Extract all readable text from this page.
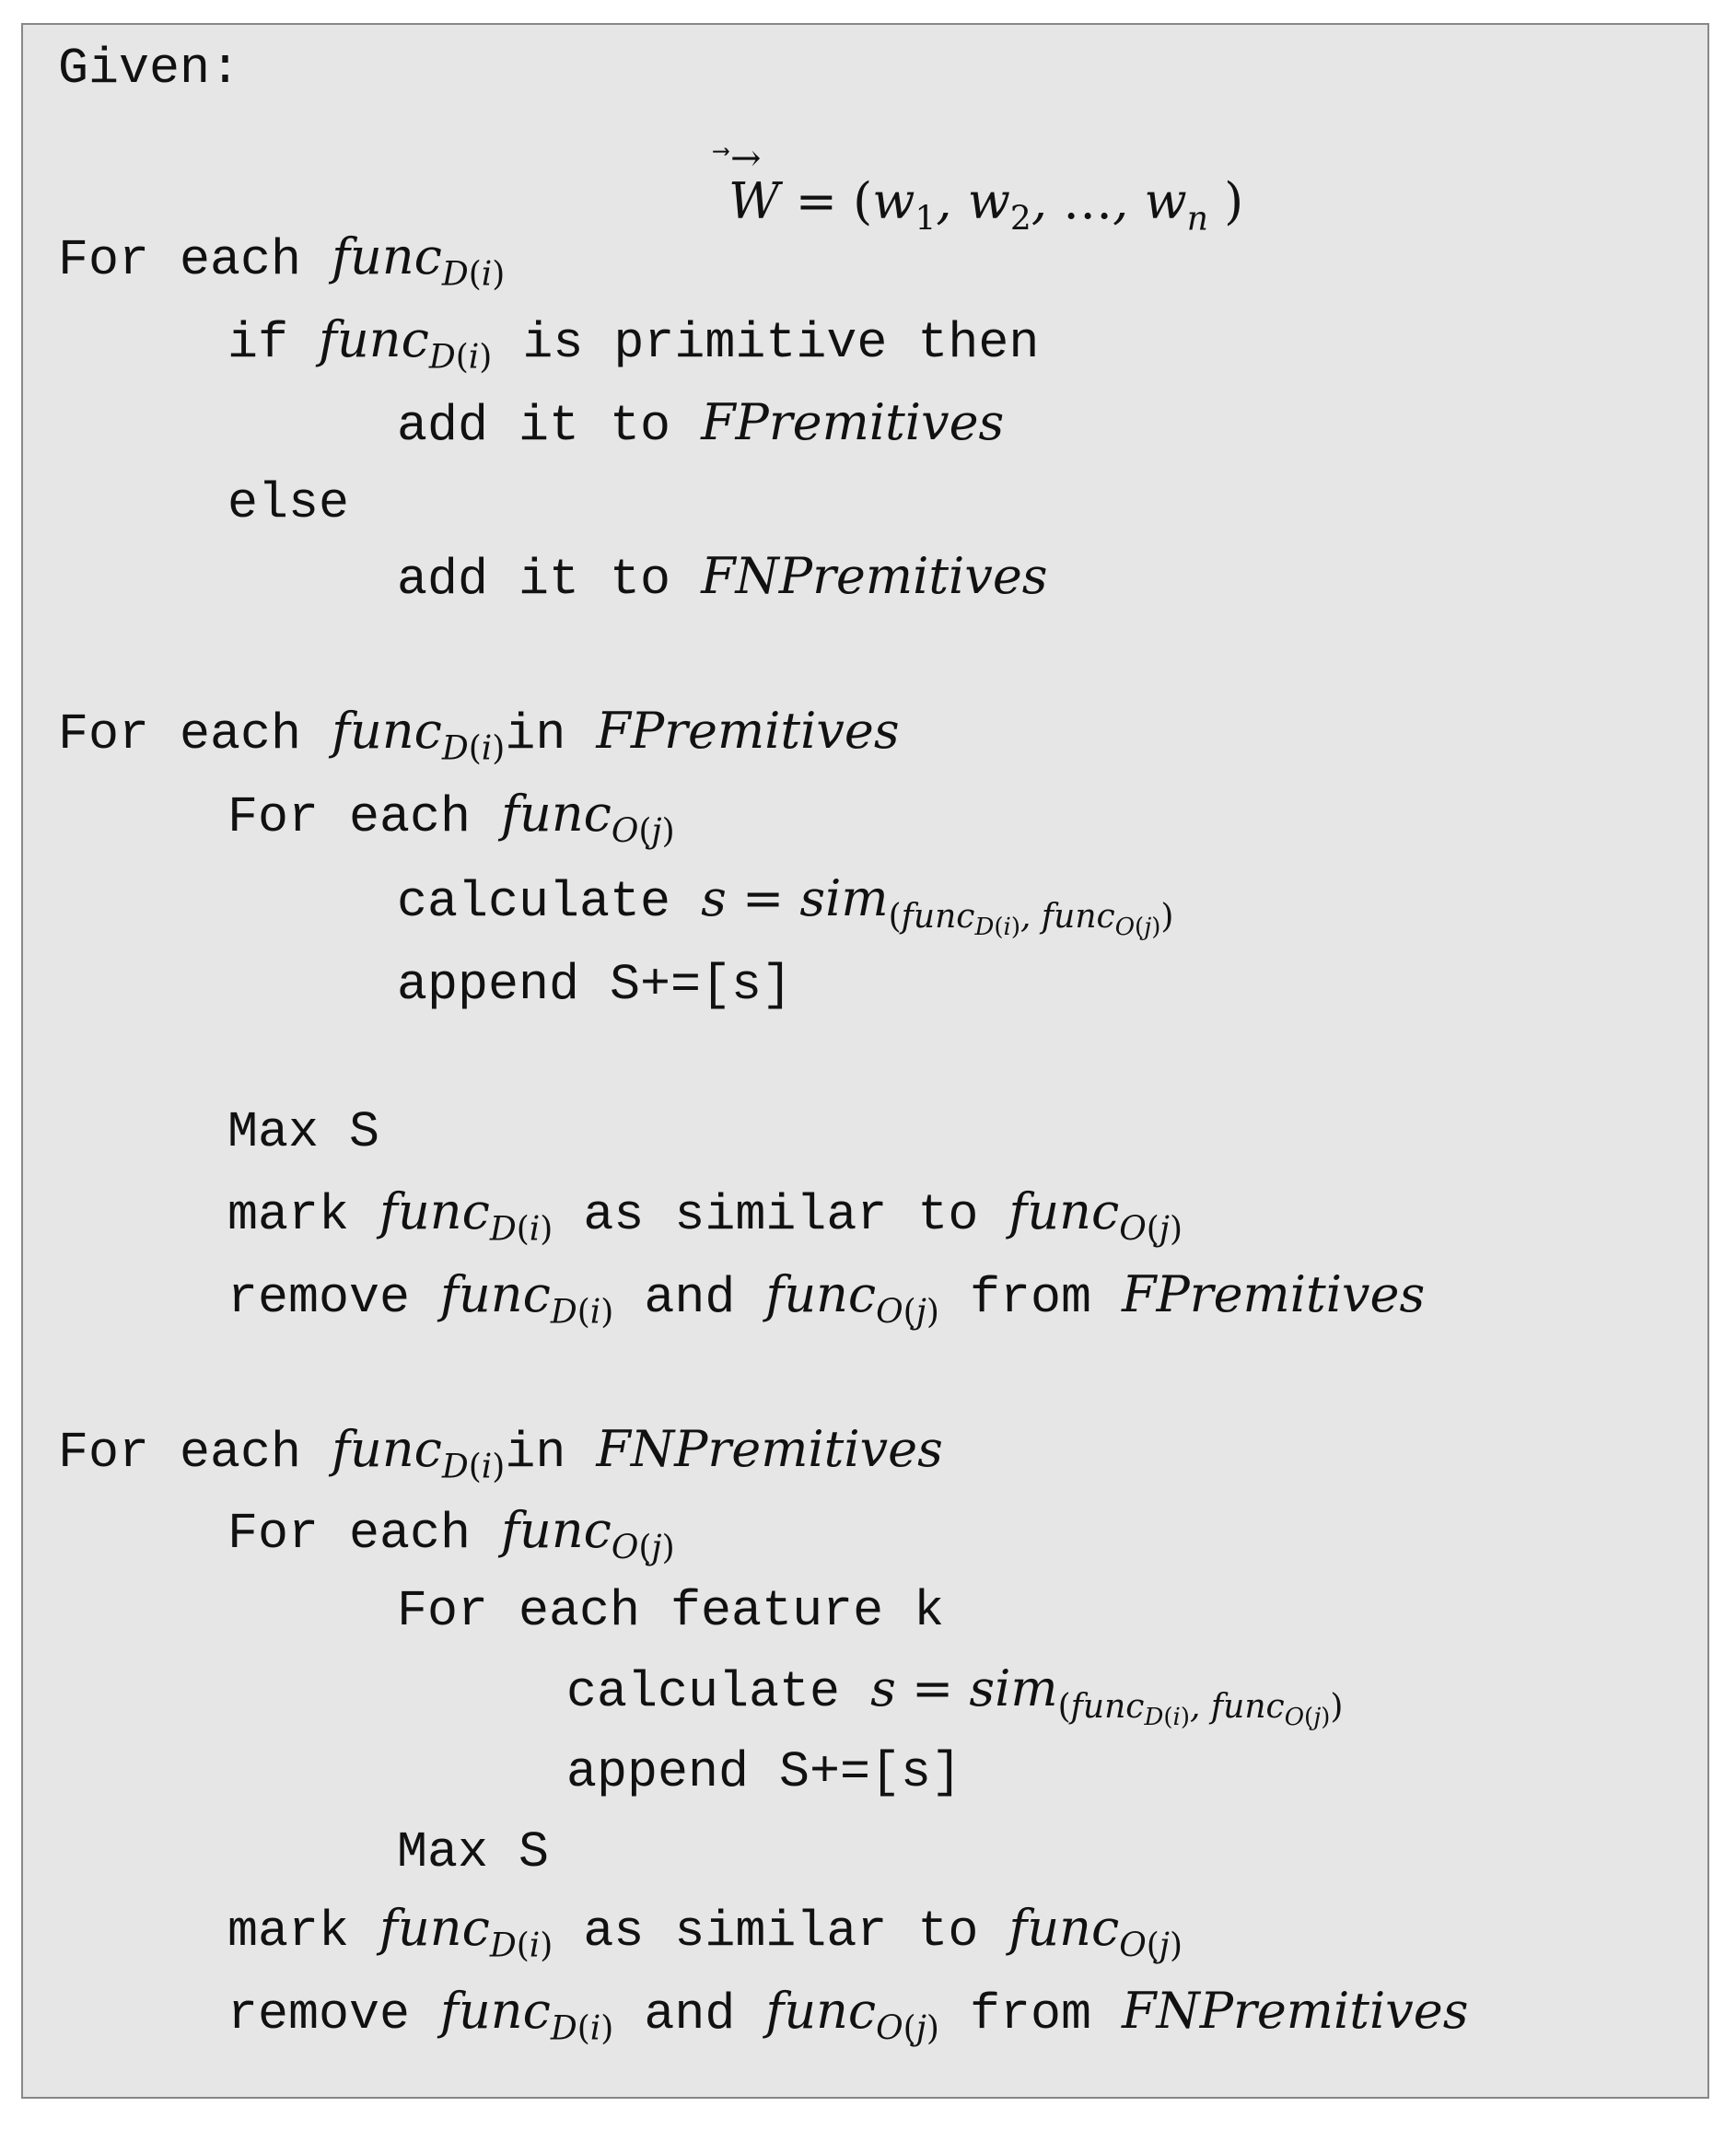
Given:

W
→
= ($w_1$, $w_2$, …, $w_n$ )

For each func$_{D(i)}$
if func$_{D(i)}$ is primitive then
add it to FPremitives
else
add it to FNPremitives
For each func$_{D(i)}$in FPremitives
For each func$_{O(j)}$
calculate s = sim$_{(func_{D(i)}, func_{O(j)})}$
append S+=[s]
Max S
mark func$_{D(i)}$ as similar to func$_{O(j)}$
remove func$_{D(i)}$ and func$_{O(j)}$ from FPremitives
For each func$_{D(i)}$in FNPremitives
For each func$_{O(j)}$
For each feature k
calculate s = sim$_{(func_{D(i)}, func_{O(j)})}$
append S+=[s]
Max S
mark func$_{D(i)}$ as similar to func$_{O(j)}$
remove func$_{D(i)}$ and func$_{O(j)}$ from FNPremitives
